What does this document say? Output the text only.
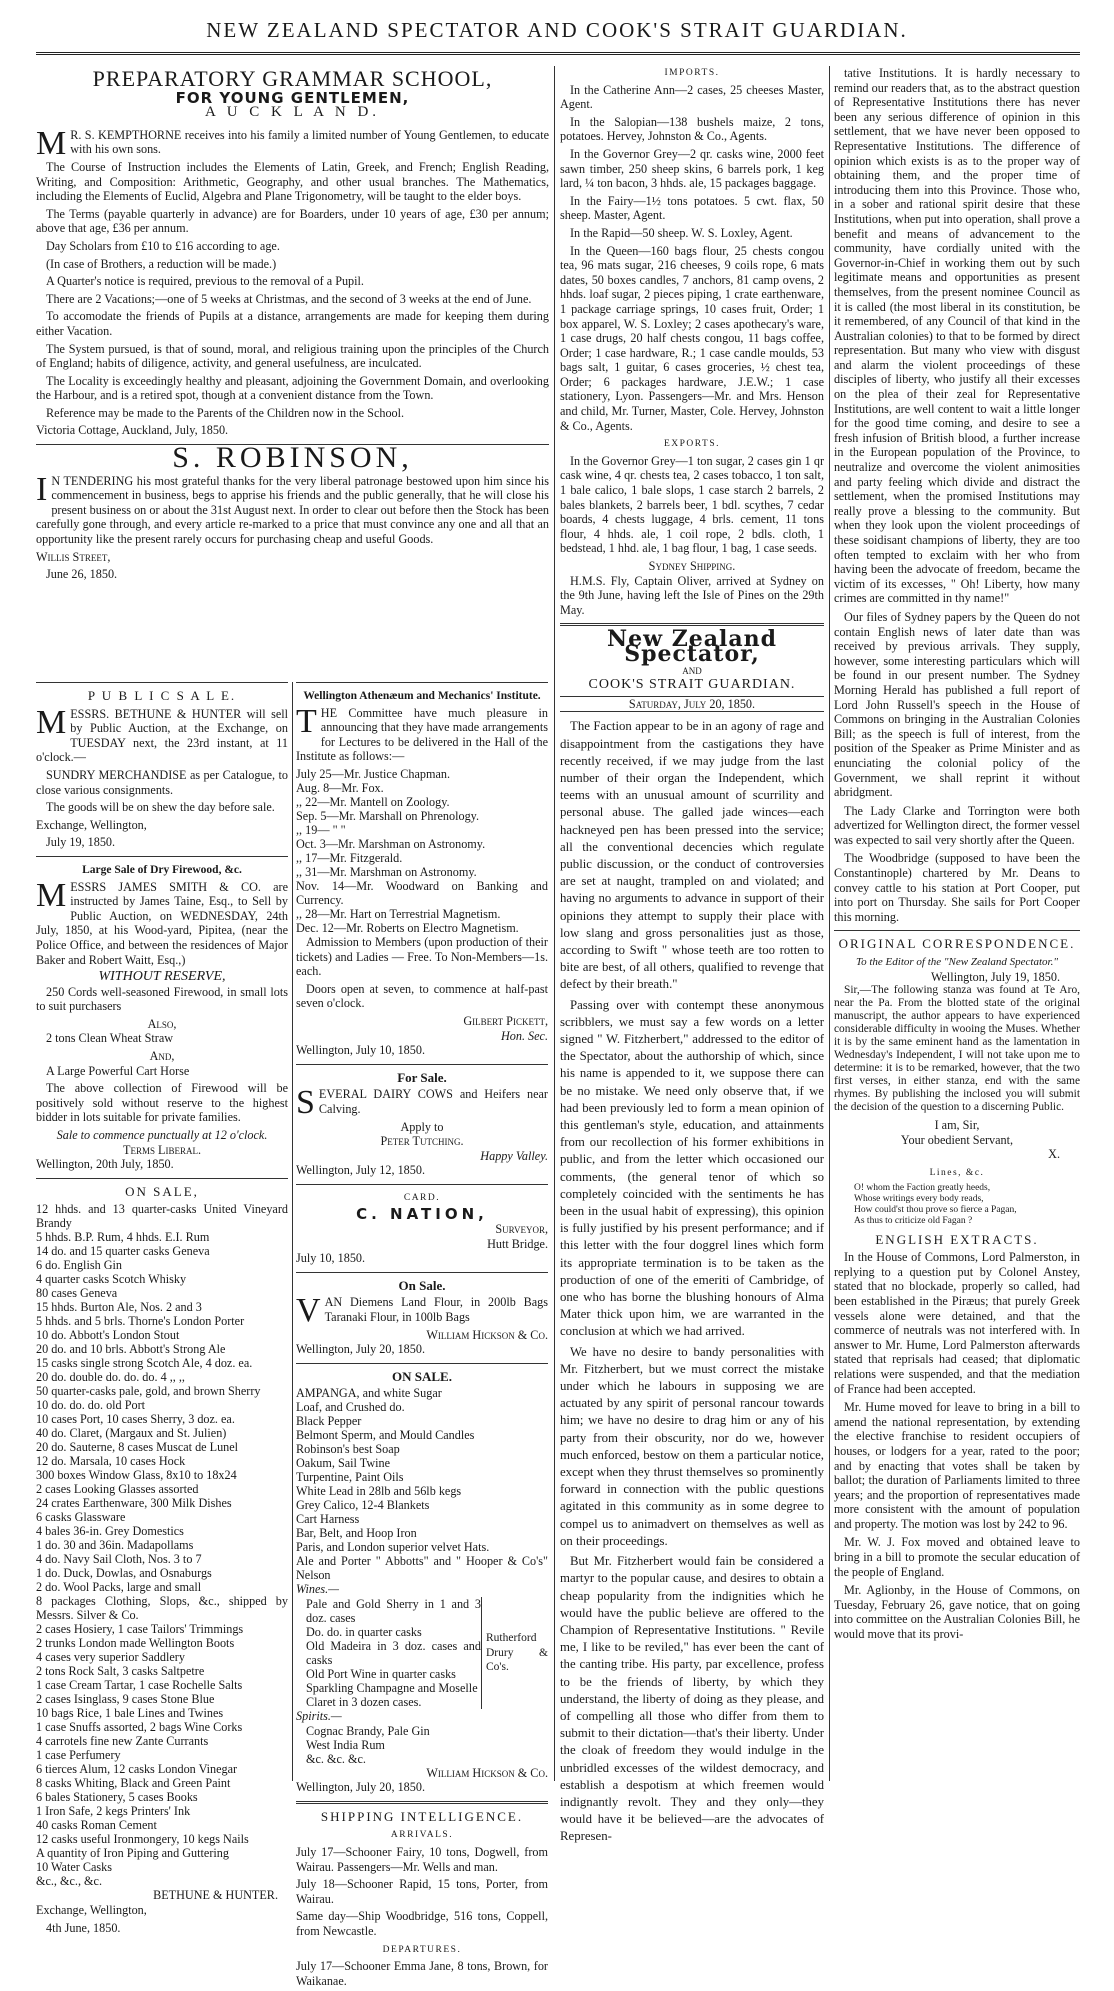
NEW ZEALAND SPECTATOR AND COOK'S STRAIT GUARDIAN.
PREPARATORY GRAMMAR SCHOOL,
FOR YOUNG GENTLEMEN,
A U C K L A N D.

M R. S. KEMPTHORNE receives into his family a limited number of Young Gentlemen, to educate with his own sons.

The Course of Instruction includes the Elements of Latin, Greek, and French; English Reading, Writing, and Composition: Arithmetic, Geography, and other usual branches. The Mathematics, including the Elements of Euclid, Algebra and Plane Trigonometry, will be taught to the elder boys.

The Terms (payable quarterly in advance) are for Boarders, under 10 years of age, £30 per annum; above that age, £36 per annum.

Day Scholars from £10 to £16 according to age.

(In case of Brothers, a reduction will be made.)

A Quarter's notice is required, previous to the removal of a Pupil.

There are 2 Vacations;—one of 5 weeks at Christmas, and the second of 3 weeks at the end of June.

To accomodate the friends of Pupils at a distance, arrangements are made for keeping them during either Vacation.

The System pursued, is that of sound, moral, and religious training upon the principles of the Church of England; habits of diligence, activity, and general usefulness, are inculcated.

The Locality is exceedingly healthy and pleasant, adjoining the Government Domain, and overlooking the Harbour, and is a retired spot, though at a convenient distance from the Town.

Reference may be made to the Parents of the Children now in the School.

Victoria Cottage, Auckland, July, 1850.

S. ROBINSON,

I N TENDERING his most grateful thanks for the very liberal patronage bestowed upon him since his commencement in business, begs to apprise his friends and the public generally, that he will close his present business on or about the 31st August next. In order to clear out before then the Stock has been carefully gone through, and every article re-marked to a price that must convince any one and all that an opportunity like the present rarely occurs for purchasing cheap and useful Goods.

Willis Street,

June 26, 1850.

P U B L I C S A L E.

MESSRS. BETHUNE & HUNTER will sell by Public Auction, at the Exchange, on TUESDAY next, the 23rd instant, at 11 o'clock.—

SUNDRY MERCHANDISE as per Catalogue, to close various consignments.

The goods will be on shew the day before sale.

Exchange, Wellington,

July 19, 1850.

Large Sale of Dry Firewood, &c.

MESSRS JAMES SMITH & CO. are instructed by James Taine, Esq., to Sell by Public Auction, on WEDNESDAY, 24th July, 1850, at his Wood-yard, Pipitea, (near the Police Office, and between the residences of Major Baker and Robert Waitt, Esq.,)

WITHOUT RESERVE,

250 Cords well-seasoned Firewood, in small lots to suit purchasers

Also,

2 tons Clean Wheat Straw

And,

A Large Powerful Cart Horse

The above collection of Firewood will be positively sold without reserve to the highest bidder in lots suitable for private families.

Sale to commence punctually at 12 o'clock.
Terms Liberal.

Wellington, 20th July, 1850.

ON SALE,
12 hhds. and 13 quarter-casks United Vineyard Brandy
5 hhds. B.P. Rum, 4 hhds. E.I. Rum
14 do. and 15 quarter casks Geneva
6 do. English Gin
4 quarter casks Scotch Whisky
80 cases Geneva
15 hhds. Burton Ale, Nos. 2 and 3
5 hhds. and 5 brls. Thorne's London Porter
10 do. Abbott's London Stout
20 do. and 10 brls. Abbott's Strong Ale
15 casks single strong Scotch Ale, 4 doz. ea.
20 do. double do. do. do. 4 ,, ,,
50 quarter-casks pale, gold, and brown Sherry
10 do. do. do. old Port
10 cases Port, 10 cases Sherry, 3 doz. ea.
40 do. Claret, (Margaux and St. Julien)
20 do. Sauterne, 8 cases Muscat de Lunel
12 do. Marsala, 10 cases Hock
300 boxes Window Glass, 8x10 to 18x24
2 cases Looking Glasses assorted
24 crates Earthenware, 300 Milk Dishes
6 casks Glassware
4 bales 36-in. Grey Domestics
1 do. 30 and 36in. Madapollams
4 do. Navy Sail Cloth, Nos. 3 to 7
1 do. Duck, Dowlas, and Osnaburgs
2 do. Wool Packs, large and small
8 packages Clothing, Slops, &c., shipped by Messrs. Silver & Co.
2 cases Hosiery, 1 case Tailors' Trimmings
2 trunks London made Wellington Boots
4 cases very superior Saddlery
2 tons Rock Salt, 3 casks Saltpetre
1 case Cream Tartar, 1 case Rochelle Salts
2 cases Isinglass, 9 cases Stone Blue
10 bags Rice, 1 bale Lines and Twines
1 case Snuffs assorted, 2 bags Wine Corks
4 carrotels fine new Zante Currants
1 case Perfumery
6 tierces Alum, 12 casks London Vinegar
8 casks Whiting, Black and Green Paint
6 bales Stationery, 5 cases Books
1 Iron Safe, 2 kegs Printers' Ink
40 casks Roman Cement
12 casks useful Ironmongery, 10 kegs Nails
A quantity of Iron Piping and Guttering
10 Water Casks
&c., &c., &c.
BETHUNE & HUNTER.

Exchange, Wellington,

4th June, 1850.

Wellington Athenæum and Mechanics' Institute.

THE Committee have much pleasure in announcing that they have made arrangements for Lectures to be delivered in the Hall of the Institute as follows:—

July 25—Mr. Justice Chapman.
Aug. 8—Mr. Fox.
,, 22—Mr. Mantell on Zoology.
Sep. 5—Mr. Marshall on Phrenology.
,, 19— " "
Oct. 3—Mr. Marshman on Astronomy.
,, 17—Mr. Fitzgerald.
,, 31—Mr. Marshman on Astronomy.
Nov. 14—Mr. Woodward on Banking and Currency.
,, 28—Mr. Hart on Terrestrial Magnetism.
Dec. 12—Mr. Roberts on Electro Magnetism.

Admission to Members (upon production of their tickets) and Ladies — Free. To Non-Members—1s. each.

Doors open at seven, to commence at half-past seven o'clock.

Gilbert Pickett,
Hon. Sec.

Wellington, July 10, 1850.

For Sale.

SEVERAL DAIRY COWS and Heifers near Calving.

Apply to
Peter Tutching.
Happy Valley.

Wellington, July 12, 1850.

CARD.
C. NATION,
Surveyor,
Hutt Bridge.

July 10, 1850.

On Sale.

VAN Diemens Land Flour, in 200lb Bags Taranaki Flour, in 100lb Bags

William Hickson & Co.

Wellington, July 20, 1850.

ON SALE.
AMPANGA, and white Sugar
Loaf, and Crushed do.
Black Pepper
Belmont Sperm, and Mould Candles
Robinson's best Soap
Oakum, Sail Twine
Turpentine, Paint Oils
White Lead in 28lb and 56lb kegs
Grey Calico, 12-4 Blankets
Cart Harness
Bar, Belt, and Hoop Iron
Paris, and London superior velvet Hats.
Ale and Porter " Abbotts" and " Hooper & Co's" Nelson
Wines.—
Pale and Gold Sherry in 1 and 3 doz. cases
Do. do. in quarter casks
Old Madeira in 3 doz. cases and casks
Old Port Wine in quarter casks
Sparkling Champagne and Moselle
Claret in 3 dozen cases.
Rutherford Drury & Co's.
Spirits.—
Cognac Brandy, Pale Gin
West India Rum
&c. &c. &c.
William Hickson & Co.

Wellington, July 20, 1850.

SHIPPING INTELLIGENCE.
ARRIVALS.

July 17—Schooner Fairy, 10 tons, Dogwell, from Wairau. Passengers—Mr. Wells and man.

July 18—Schooner Rapid, 15 tons, Porter, from Wairau.

Same day—Ship Woodbridge, 516 tons, Coppell, from Newcastle.

DEPARTURES.

July 17—Schooner Emma Jane, 8 tons, Brown, for Waikanae.

IMPORTS.

In the Catherine Ann—2 cases, 25 cheeses Master, Agent.

In the Salopian—138 bushels maize, 2 tons, potatoes. Hervey, Johnston & Co., Agents.

In the Governor Grey—2 qr. casks wine, 2000 feet sawn timber, 250 sheep skins, 6 barrels pork, 1 keg lard, ¼ ton bacon, 3 hhds. ale, 15 packages baggage.

In the Fairy—1½ tons potatoes. 5 cwt. flax, 50 sheep. Master, Agent.

In the Rapid—50 sheep. W. S. Loxley, Agent.

In the Queen—160 bags flour, 25 chests congou tea, 96 mats sugar, 216 cheeses, 9 coils rope, 6 mats dates, 50 boxes candles, 7 anchors, 81 camp ovens, 2 hhds. loaf sugar, 2 pieces piping, 1 crate earthenware, 1 package carriage springs, 10 cases fruit, Order; 1 box apparel, W. S. Loxley; 2 cases apothecary's ware, 1 case drugs, 20 half chests congou, 11 bags coffee, Order; 1 case hardware, R.; 1 case candle moulds, 53 bags salt, 1 guitar, 6 cases groceries, ½ chest tea, Order; 6 packages hardware, J.E.W.; 1 case stationery, Lyon. Passengers—Mr. and Mrs. Henson and child, Mr. Turner, Master, Cole. Hervey, Johnston & Co., Agents.

EXPORTS.

In the Governor Grey—1 ton sugar, 2 cases gin 1 qr cask wine, 4 qr. chests tea, 2 cases tobacco, 1 ton salt, 1 bale calico, 1 bale slops, 1 case starch 2 barrels, 2 bales blankets, 2 barrels beer, 1 bdl. scythes, 7 cedar boards, 4 chests luggage, 4 brls. cement, 11 tons flour, 4 hhds. ale, 1 coil rope, 2 bdls. cloth, 1 bedstead, 1 hhd. ale, 1 bag flour, 1 bag, 1 case seeds.

Sydney Shipping.

H.M.S. Fly, Captain Oliver, arrived at Sydney on the 9th June, having left the Isle of Pines on the 29th May.

New Zealand Spectator,
AND
COOK'S STRAIT GUARDIAN.
Saturday, July 20, 1850.

The Faction appear to be in an agony of rage and disappointment from the castigations they have recently received, if we may judge from the last number of their organ the Independent, which teems with an unusual amount of scurrility and personal abuse. The galled jade winces—each hackneyed pen has been pressed into the service; all the conventional decencies which regulate public discussion, or the conduct of controversies are set at naught, trampled on and violated; and having no arguments to advance in support of their opinions they attempt to supply their place with low slang and gross personalities just as those, according to Swift " whose teeth are too rotten to bite are best, of all others, qualified to revenge that defect by their breath."

Passing over with contempt these anonymous scribblers, we must say a few words on a letter signed " W. Fitzherbert," addressed to the editor of the Spectator, about the authorship of which, since his name is appended to it, we suppose there can be no mistake. We need only observe that, if we had been previously led to form a mean opinion of this gentleman's style, education, and attainments from our recollection of his former exhibitions in public, and from the letter which occasioned our comments, (the general tenor of which so completely coincided with the sentiments he has been in the usual habit of expressing), this opinion is fully justified by his present performance; and if this letter with the four doggrel lines which form its appropriate termination is to be taken as the production of one of the emeriti of Cambridge, of one who has borne the blushing honours of Alma Mater thick upon him, we are warranted in the conclusion at which we had arrived.

We have no desire to bandy personalities with Mr. Fitzherbert, but we must correct the mistake under which he labours in supposing we are actuated by any spirit of personal rancour towards him; we have no desire to drag him or any of his party from their obscurity, nor do we, however much enforced, bestow on them a particular notice, except when they thrust themselves so prominently forward in connection with the public questions agitated in this community as in some degree to compel us to animadvert on themselves as well as on their proceedings.

But Mr. Fitzherbert would fain be considered a martyr to the popular cause, and desires to obtain a cheap popularity from the indignities which he would have the public believe are offered to the Champion of Representative Institutions. " Revile me, I like to be reviled," has ever been the cant of the canting tribe. His party, par excellence, profess to be the friends of liberty, by which they understand, the liberty of doing as they please, and of compelling all those who differ from them to submit to their dictation—that's their liberty. Under the cloak of freedom they would indulge in the unbridled excesses of the wildest democracy, and establish a despotism at which freemen would indignantly revolt. They and they only—they would have it be believed—are the advocates of Represen-

tative Institutions. It is hardly necessary to remind our readers that, as to the abstract question of Representative Institutions there has never been any serious difference of opinion in this settlement, that we have never been opposed to Representative Institutions. The difference of opinion which exists is as to the proper way of obtaining them, and the proper time of introducing them into this Province. Those who, in a sober and rational spirit desire that these Institutions, when put into operation, shall prove a benefit and means of advancement to the community, have cordially united with the Governor-in-Chief in working them out by such legitimate means and opportunities as present themselves, from the present nominee Council as it is called (the most liberal in its constitution, be it remembered, of any Council of that kind in the Australian colonies) to that to be formed by direct representation. But many who view with disgust and alarm the violent proceedings of these disciples of liberty, who justify all their excesses on the plea of their zeal for Representative Institutions, are well content to wait a little longer for the good time coming, and desire to see a fresh infusion of British blood, a further increase in the European population of the Province, to neutralize and overcome the violent animosities and party feeling which divide and distract the settlement, when the promised Institutions may really prove a blessing to the community. But when they look upon the violent proceedings of these soidisant champions of liberty, they are too often tempted to exclaim with her who from having been the advocate of freedom, became the victim of its excesses, " Oh! Liberty, how many crimes are committed in thy name!"

Our files of Sydney papers by the Queen do not contain English news of later date than was received by previous arrivals. They supply, however, some interesting particulars which will be found in our present number. The Sydney Morning Herald has published a full report of Lord John Russell's speech in the House of Commons on bringing in the Australian Colonies Bill; as the speech is full of interest, from the position of the Speaker as Prime Minister and as enunciating the colonial policy of the Government, we shall reprint it without abridgment.

The Lady Clarke and Torrington were both advertized for Wellington direct, the former vessel was expected to sail very shortly after the Queen.

The Woodbridge (supposed to have been the Constantinople) chartered by Mr. Deans to convey cattle to his station at Port Cooper, put into port on Thursday. She sails for Port Cooper this morning.

ORIGINAL CORRESPONDENCE.
To the Editor of the "New Zealand Spectator."
Wellington, July 19, 1850.

Sir,—The following stanza was found at Te Aro, near the Pa. From the blotted state of the original manuscript, the author appears to have experienced considerable difficulty in wooing the Muses. Whether it is by the same eminent hand as the lamentation in Wednesday's Independent, I will not take upon me to determine: it is to be remarked, however, that the two first verses, in either stanza, end with the same rhymes. By publishing the inclosed you will submit the decision of the question to a discerning Public.

I am, Sir,
Your obedient Servant,
X.
Lines, &c.
O! whom the Faction greatly heeds,
Whose writings every body reads,
How could'st thou prove so fierce a Pagan,
As thus to criticize old Fagan ?
ENGLISH EXTRACTS.

In the House of Commons, Lord Palmerston, in replying to a question put by Colonel Anstey, stated that no blockade, properly so called, had been established in the Piræus; that purely Greek vessels alone were detained, and that the commerce of neutrals was not interfered with. In answer to Mr. Hume, Lord Palmerston afterwards stated that reprisals had ceased; that diplomatic relations were suspended, and that the mediation of France had been accepted.

Mr. Hume moved for leave to bring in a bill to amend the national representation, by extending the elective franchise to resident occupiers of houses, or lodgers for a year, rated to the poor; and by enacting that votes shall be taken by ballot; the duration of Parliaments limited to three years; and the proportion of representatives made more consistent with the amount of population and property. The motion was lost by 242 to 96.

Mr. W. J. Fox moved and obtained leave to bring in a bill to promote the secular education of the people of England.

Mr. Aglionby, in the House of Commons, on Tuesday, February 26, gave notice, that on going into committee on the Australian Colonies Bill, he would move that its provi-
